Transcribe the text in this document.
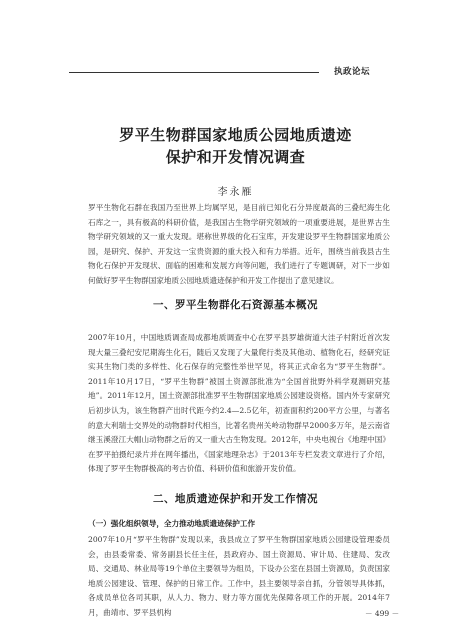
执政论坛
罗平生物群国家地质公园地质遗迹
保护和开发情况调查
李永雁

罗平生物化石群在我国乃至世界上均属罕见，是目前已知化石分异度最高的三叠纪海生化石库之一，具有极高的科研价值，是我国古生物学研究领域的一项重要进展，是世界古生物学研究领域的又一重大发现。堪称世界级的化石宝库，开发建设罗平生物群国家地质公园，是研究、保护、开发这一宝贵资源的重大投入和有力举措。近年，围绕当前我县古生物化石保护开发现状、面临的困难和发展方向等问题，我们进行了专题调研，对下一步如何做好罗平生物群国家地质公园地质遗迹保护和开发工作提出了意见建议。

一、罗平生物群化石资源基本概况

2007年10月，中国地质调查局成都地质调查中心在罗平县罗雄街道大洼子村附近首次发现大量三叠纪安尼期海生化石，随后又发现了大量爬行类及其他动、植物化石，经研究证实其生物门类的多样性、化石保存的完整性举世罕见，将其正式命名为“罗平生物群”。2011年10月17日，“罗平生物群”被国土资源部批准为“全国首批野外科学观测研究基地”。2011年12月，国土资源部批准罗平生物群国家地质公园建设资格。国内外专家研究后初步认为，该生物群产出时代距今约2.4—2.5亿年，初查面积约200平方公里，与著名的意大利瑞士交界处的动物群时代相当，比著名贵州关岭动物群早2000多万年，是云南省继玉溪澄江大帽山动物群之后的又一重大古生物发现。2012年，中央电视台《地理中国》在罗平拍摄纪录片并在网年播出，《国家地理杂志》于2013年专栏发表文章进行了介绍，体现了罗平生物群极高的考古价值、科研价值和旅游开发价值。

二、地质遗迹保护和开发工作情况
（一）强化组织领导，全力推动地质遗迹保护工作

2007年10月“罗平生物群”发现以来，我县成立了罗平生物群国家地质公园建设管理委员会，由县委常委、常务副县长任主任，县政府办、国土资源局、审计局、住建局、发改局、交通局、林业局等19个单位主要领导为组员，下设办公室在县国土资源局，负责国家地质公园建设、管理、保护的日常工作。工作中，县主要领导亲自抓，分管领导具体抓，各成员单位各司其职，从人力、物力、财力等方面优先保障各项工作的开展。2014年7月，曲靖市、罗平县机构	－ 499 －
